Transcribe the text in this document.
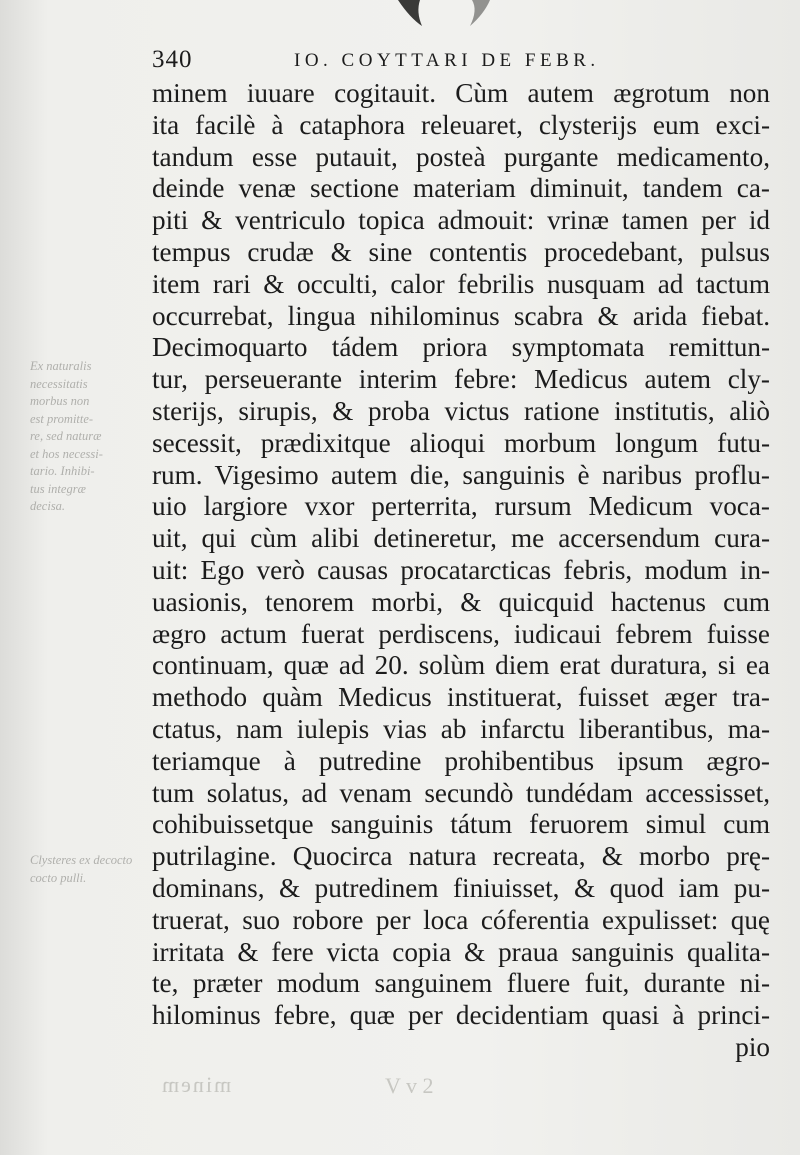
340	IO. COYTTARI DE FEBR.
Ex naturalis
necessitatis
morbus non
est promitte-
re, sed naturæ
et hos necessi-
tario. Inhibi-
tus integræ
decisa.
Clysteres ex decocto
cocto pulli.
minem iuuare cogitauit. Cùm autem ægrotum non
ita facilè à cataphora releuaret, clysterijs eum exci-
tandum esse putauit, posteà purgante medicamento,
deinde venæ sectione materiam diminuit, tandem ca-
piti & ventriculo topica admouit: vrinæ tamen per id
tempus crudæ & sine contentis procedebant, pulsus
item rari & occulti, calor febrilis nusquam ad tactum
occurrebat, lingua nihilominus scabra & arida fiebat.
Decimoquarto tádem priora symptomata remittun-
tur, perseuerante interim febre: Medicus autem cly-
sterijs, sirupis, & proba victus ratione institutis, aliò
secessit, prædixitque alioqui morbum longum futu-
rum. Vigesimo autem die, sanguinis è naribus proflu-
uio largiore vxor perterrita, rursum Medicum voca-
uit, qui cùm alibi detineretur, me accersendum cura-
uit: Ego verò causas procatarcticas febris, modum in-
uasionis, tenorem morbi, & quicquid hactenus cum
ægro actum fuerat perdiscens, iudicaui febrem fuisse
continuam, quæ ad 20. solùm diem erat duratura, si ea
methodo quàm Medicus instituerat, fuisset æger tra-
ctatus, nam iulepis vias ab infarctu liberantibus, ma-
teriamque à putredine prohibentibus ipsum ægro-
tum solatus, ad venam secundò tundédam accessisset,
cohibuissetque sanguinis tátum feruorem simul cum
putrilagine. Quocirca natura recreata, & morbo prę-
dominans, & putredinem finiuisset, & quod iam pu-
truerat, suo robore per loca cóferentia expulisset: quę
irritata & fere victa copia & praua sanguinis qualita-
te, præter modum sanguinem fluere fuit, durante ni-
hilominus febre, quæ per decidentiam quasi à princi-
pio
minem	V v 2
